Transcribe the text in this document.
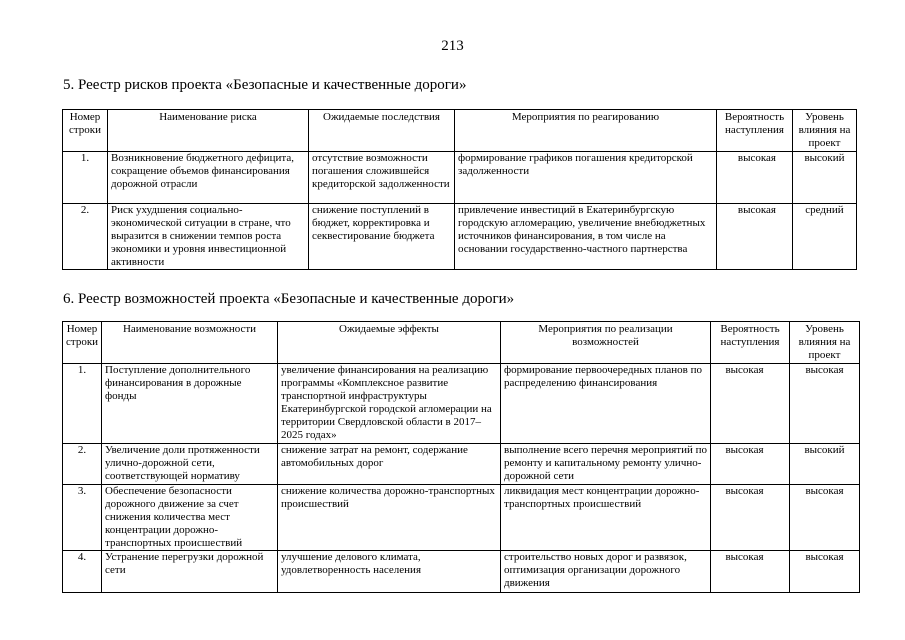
213
5. Реестр рисков проекта «Безопасные и качественные дороги»
Номер строки	Наименование риска	Ожидаемые последствия	Мероприятия по реагированию	Вероятность наступления	Уровень влияния на проект
1.	Возникновение бюджетного дефицита, сокращение объемов финансирования дорожной отрасли	отсутствие возможности погашения сложившейся кредиторской задолженности	формирование графиков погашения кредиторской задолженности	высокая	высокий
2.	Риск ухудшения социально-экономической ситуации в стране, что выразится в снижении темпов роста экономики и уровня инвестиционной активности	снижение поступлений в бюджет, корректировка и секвестирование бюджета	привлечение инвестиций в Екатеринбургскую городскую агломерацию, увеличение внебюджетных источников финансирования, в том числе на основании государственно-частного партнерства	высокая	средний
6. Реестр возможностей проекта «Безопасные и качественные дороги»
Номер строки	Наименование возможности	Ожидаемые эффекты	Мероприятия по реализации возможностей	Вероятность наступления	Уровень влияния на проект
1.	Поступление дополнительного финансирования в дорожные фонды	увеличение финансирования на реализацию программы «Комплексное развитие транспортной инфраструктуры Екатеринбургской городской агломерации на территории Свердловской области в 2017–2025 годах»	формирование первоочередных планов по распределению финансирования	высокая	высокая
2.	Увеличение доли протяженности улично-дорожной сети, соответствующей нормативу	снижение затрат на ремонт, содержание автомобильных дорог	выполнение всего перечня мероприятий по ремонту и капитальному ремонту улично-дорожной сети	высокая	высокий
3.	Обеспечение безопасности дорожного движение за счет снижения количества мест концентрации дорожно-транспортных происшествий	снижение количества дорожно-транспортных происшествий	ликвидация мест концентрации дорожно-транспортных происшествий	высокая	высокая
4.	Устранение перегрузки дорожной сети	улучшение делового климата, удовлетворенность населения	строительство новых дорог и развязок, оптимизация организации дорожного движения	высокая	высокая
